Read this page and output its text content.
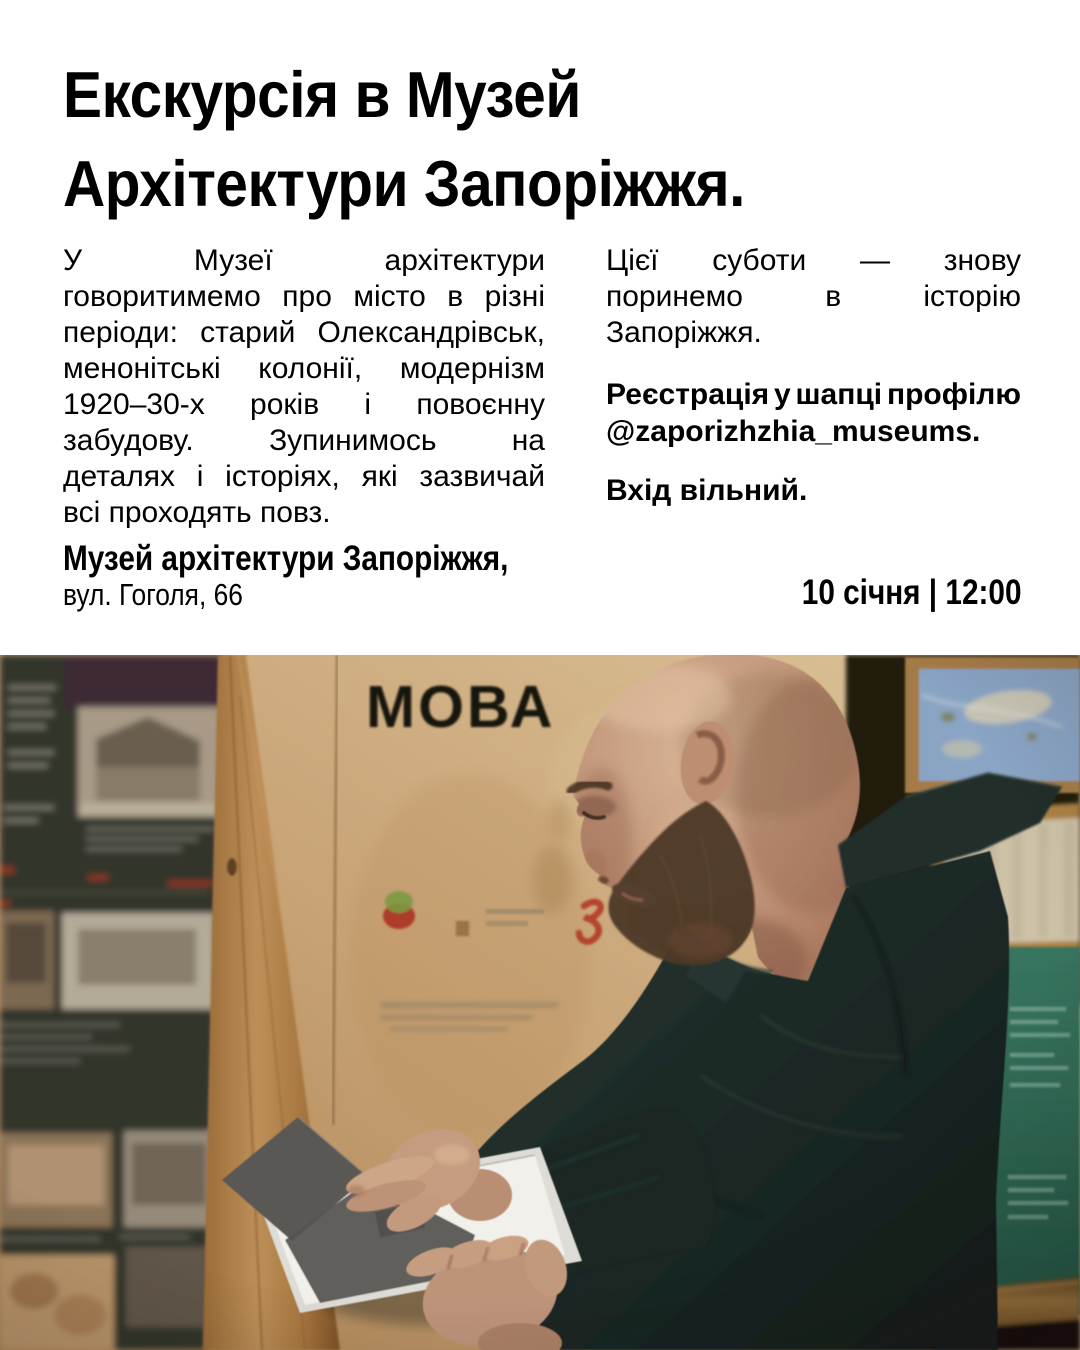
Екскурсія в Музей
Архітектури Запоріжжя.
У	Музеї	архітектури
говоритимемо про місто в різні
періоди: старий Олександрівськ,
менонітські колонії, модернізм
1920–30-х років і повоєнну
забудову.	Зупинимось	на
деталях і історіях, які зазвичай
всі проходять повз.
Цієї суботи — знову
поринемо	в	історію
Запоріжжя.
Реєстрація у шапці профілю
@zaporizhzhia_museums.
Вхід вільний.
Музей архітектури Запоріжжя,
вул. Гоголя, 66	10 січня | 12:00
